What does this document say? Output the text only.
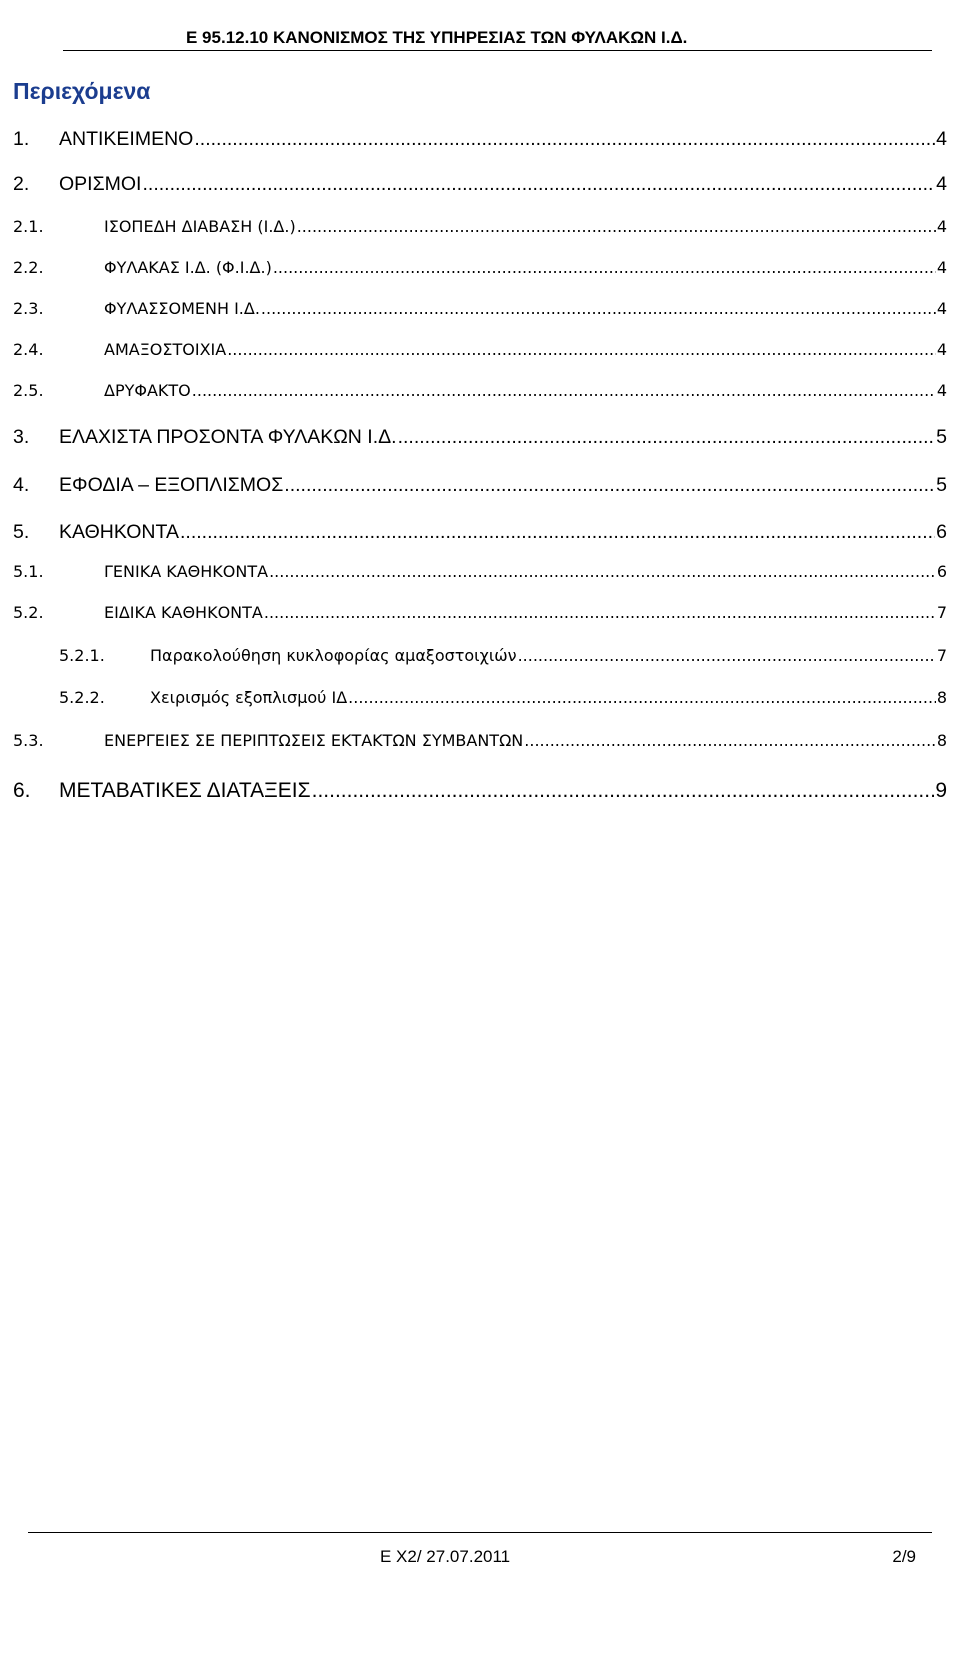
Ε 95.12.10 ΚΑΝΟΝΙΣΜΟΣ ΤΗΣ ΥΠΗΡΕΣΙΑΣ ΤΩΝ ΦΥΛΑΚΩΝ Ι.Δ.
Περιεχόμενα
1.	ΑΝΤΙΚΕΙΜΕΝΟ .....	4
2.	ΟΡΙΣΜΟΙ .....	4
2.1.	ΙΣΟΠΕΔΗ ΔΙΑΒΑΣΗ (Ι.Δ.) .....	4
2.2.	ΦΥΛΑΚΑΣ Ι.Δ. (Φ.Ι.Δ.) .....	4
2.3.	ΦΥΛΑΣΣΟΜΕΝΗ Ι.Δ. .....	4
2.4.	ΑΜΑΞΟΣΤΟΙΧΙΑ .....	4
2.5.	ΔΡΥΦΑΚΤΟ .....	4
3.	ΕΛΑΧΙΣΤΑ ΠΡΟΣΟΝΤΑ ΦΥΛΑΚΩΝ Ι.Δ. .....	5
4.	ΕΦΟΔΙΑ – ΕΞΟΠΛΙΣΜΟΣ .....	5
5.	ΚΑΘΗΚΟΝΤΑ .....	6
5.1.	ΓΕΝΙΚΑ ΚΑΘΗΚΟΝΤΑ .....	6
5.2.	ΕΙΔΙΚΑ ΚΑΘΗΚΟΝΤΑ .....	7
5.2.1.	Παρακολούθηση κυκλοφορίας αμαξοστοιχιών .....	7
5.2.2.	Χειρισμός εξοπλισμού ΙΔ .....	8
5.3.	ΕΝΕΡΓΕΙΕΣ ΣΕ ΠΕΡΙΠΤΩΣΕΙΣ ΕΚΤΑΚΤΩΝ ΣΥΜΒΑΝΤΩΝ .....	8
6.	ΜΕΤΑΒΑΤΙΚΕΣ ΔΙΑΤΑΞΕΙΣ .....	9
Ε Χ2/ 27.07.2011	2/9
